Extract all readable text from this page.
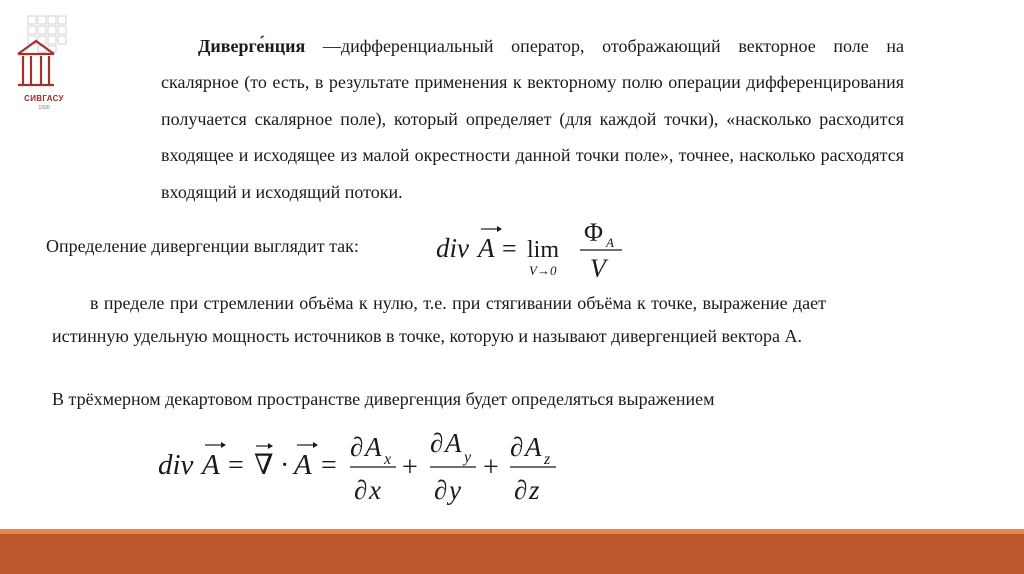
CИBГАСУ
1930
Диверге́нция —дифференциальный оператор, отображающий векторное поле на скалярное (то есть, в результате применения к векторному полю операции дифференцирования получается скалярное поле), который определяет (для каждой точки), «насколько расходится входящее и исходящее из малой окрестности данной точки поле», точнее, насколько расходятся входящий и исходящий потоки.
Определение дивергенции выглядит так:	div A = lim
V→0
Φ A
V
в пределе при стремлении объёма к нулю, т.е. при стягивании объёма к точке, выражение дает истинную удельную мощность источников в точке, которую и называют дивергенцией вектора А.
В трёхмерном декартовом пространстве дивергенция будет определяться выражением
div A = ∇ · A =
∂ A x
∂ x
+
∂ A y
∂ y
+
∂ A z
∂ z
